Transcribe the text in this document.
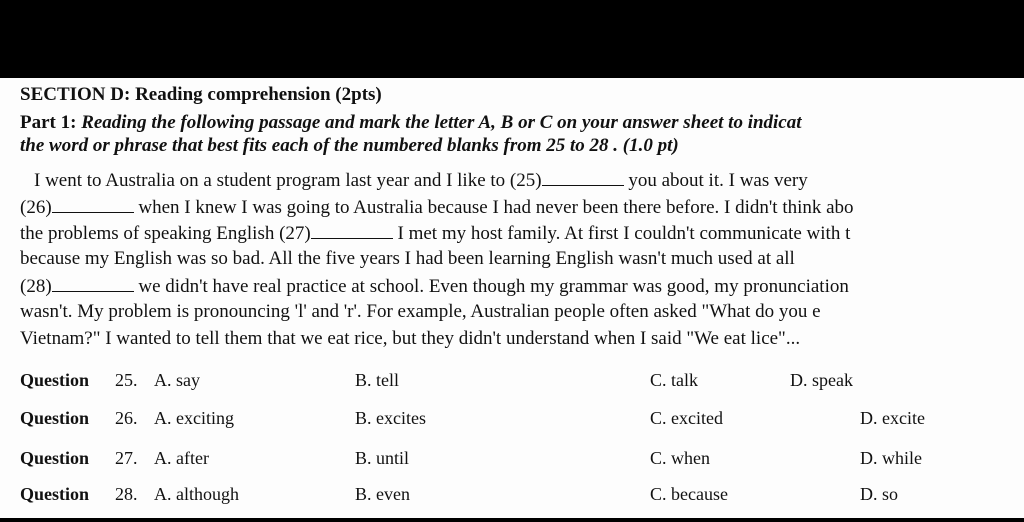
SECTION D: Reading comprehension (2pts)
Part 1: Reading the following passage and mark the letter A, B or C on your answer sheet to indicat
the word or phrase that best fits each of the numbered blanks from 25 to 28 . (1.0 pt)
I went to Australia on a student program last year and I like to (25)	you about it. I was very
(26)	when I knew I was going to Australia because I had never been there before. I didn't think abo
the problems of speaking English (27)	I met my host family. At first I couldn't communicate with t
because my English was so bad. All the five years I had been learning English wasn't much used at all
(28)	we didn't have real practice at school. Even though my grammar was good, my pronunciation
wasn't. My problem is pronouncing 'l' and 'r'. For example, Australian people often asked "What do you e
Vietnam?" I wanted to tell them that we eat rice, but they didn't understand when I said "We eat lice"...
Question 25. A. say	B. tell	C. talk	D. speak
Question 26. A. exciting	B. excites	C. excited	D. excite
Question 27. A. after	B. until	C. when	D. while
Question 28. A. although	B. even	C. because	D. so
